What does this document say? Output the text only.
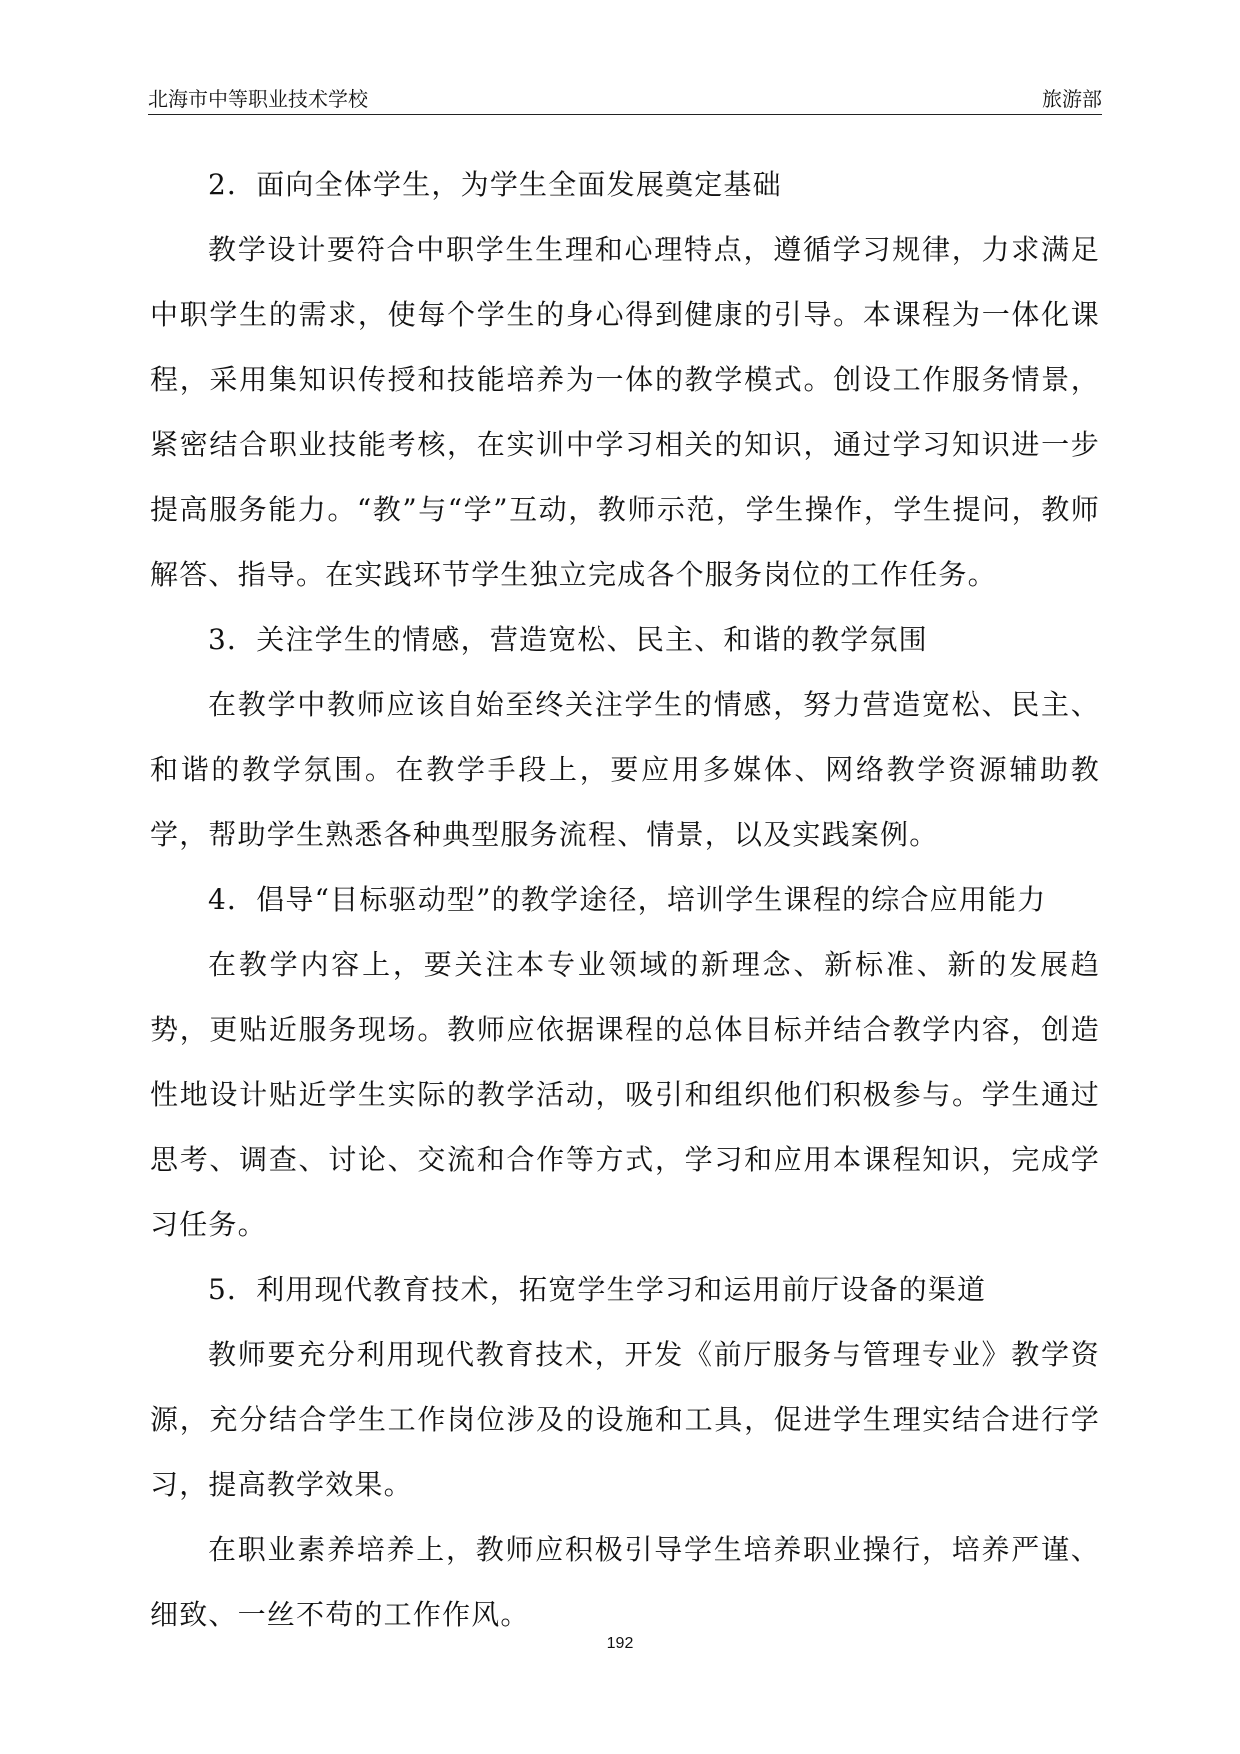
北海市中等职业技术学校	旅游部

2．面向全体学生，为学生全面发展奠定基础

教学设计要符合中职学生生理和心理特点，遵循学习规律，力求满足中职学生的需求，使每个学生的身心得到健康的引导。本课程为一体化课程，采用集知识传授和技能培养为一体的教学模式。创设工作服务情景，紧密结合职业技能考核，在实训中学习相关的知识，通过学习知识进一步提高服务能力。“教”与“学”互动，教师示范，学生操作，学生提问，教师解答、指导。在实践环节学生独立完成各个服务岗位的工作任务。

3．关注学生的情感，营造宽松、民主、和谐的教学氛围

在教学中教师应该自始至终关注学生的情感，努力营造宽松、民主、和谐的教学氛围。在教学手段上，要应用多媒体、网络教学资源辅助教学，帮助学生熟悉各种典型服务流程、情景，以及实践案例。

4．倡导“目标驱动型”的教学途径，培训学生课程的综合应用能力

在教学内容上，要关注本专业领域的新理念、新标准、新的发展趋势，更贴近服务现场。教师应依据课程的总体目标并结合教学内容，创造性地设计贴近学生实际的教学活动，吸引和组织他们积极参与。学生通过思考、调查、讨论、交流和合作等方式，学习和应用本课程知识，完成学习任务。

5．利用现代教育技术，拓宽学生学习和运用前厅设备的渠道

教师要充分利用现代教育技术，开发《前厅服务与管理专业》教学资源，充分结合学生工作岗位涉及的设施和工具，促进学生理实结合进行学习，提高教学效果。

在职业素养培养上，教师应积极引导学生培养职业操行，培养严谨、细致、一丝不苟的工作作风。

192
